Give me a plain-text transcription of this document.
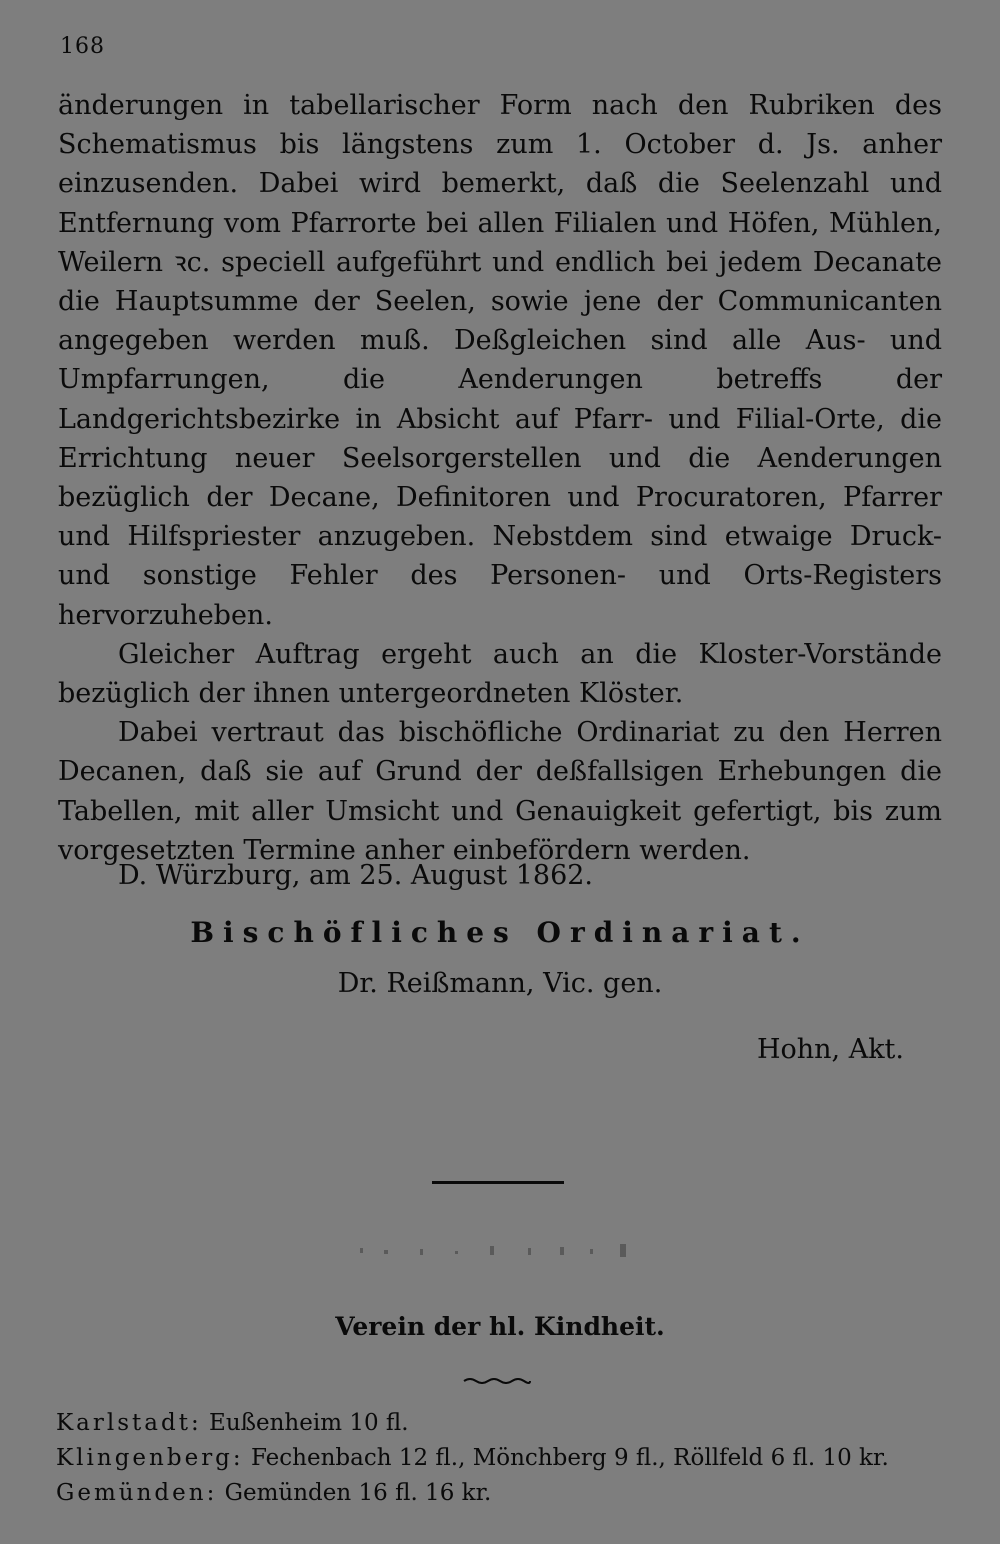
168

änderungen in tabellarischer Form nach den Rubriken des Schematismus bis längstens zum 1. October d. Js. anher einzusenden. Dabei wird bemerkt, daß die Seelenzahl und Entfernung vom Pfarrorte bei allen Filialen und Höfen, Mühlen, Weilern ꝛc. speciell aufgeführt und endlich bei jedem Decanate die Hauptsumme der Seelen, sowie jene der Communicanten angegeben werden muß. Deßgleichen sind alle Aus- und Umpfarrungen, die Aenderungen betreffs der Landgerichtsbezirke in Absicht auf Pfarr- und Filial-Orte, die Errichtung neuer Seelsorgerstellen und die Aenderungen bezüglich der Decane, Definitoren und Procuratoren, Pfarrer und Hilfspriester anzugeben. Nebstdem sind etwaige Druck- und sonstige Fehler des Personen- und Orts-Registers hervorzuheben.

Gleicher Auftrag ergeht auch an die Kloster-Vorstände bezüglich der ihnen untergeordneten Klöster.

Dabei vertraut das bischöfliche Ordinariat zu den Herren Decanen, daß sie auf Grund der deßfallsigen Erhebungen die Tabellen, mit aller Umsicht und Genauigkeit gefertigt, bis zum vorgesetzten Termine anher einbefördern werden.

D. Würzburg, am 25. August 1862.
Bischöfliches Ordinariat.
Dr. Reißmann, Vic. gen.
Hohn, Akt.
Verein der hl. Kindheit.
Karlstadt: Eußenheim 10 fl.
Klingenberg: Fechenbach 12 fl., Mönchberg 9 fl., Röllfeld 6 fl. 10 kr.
Gemünden: Gemünden 16 fl. 16 kr.
